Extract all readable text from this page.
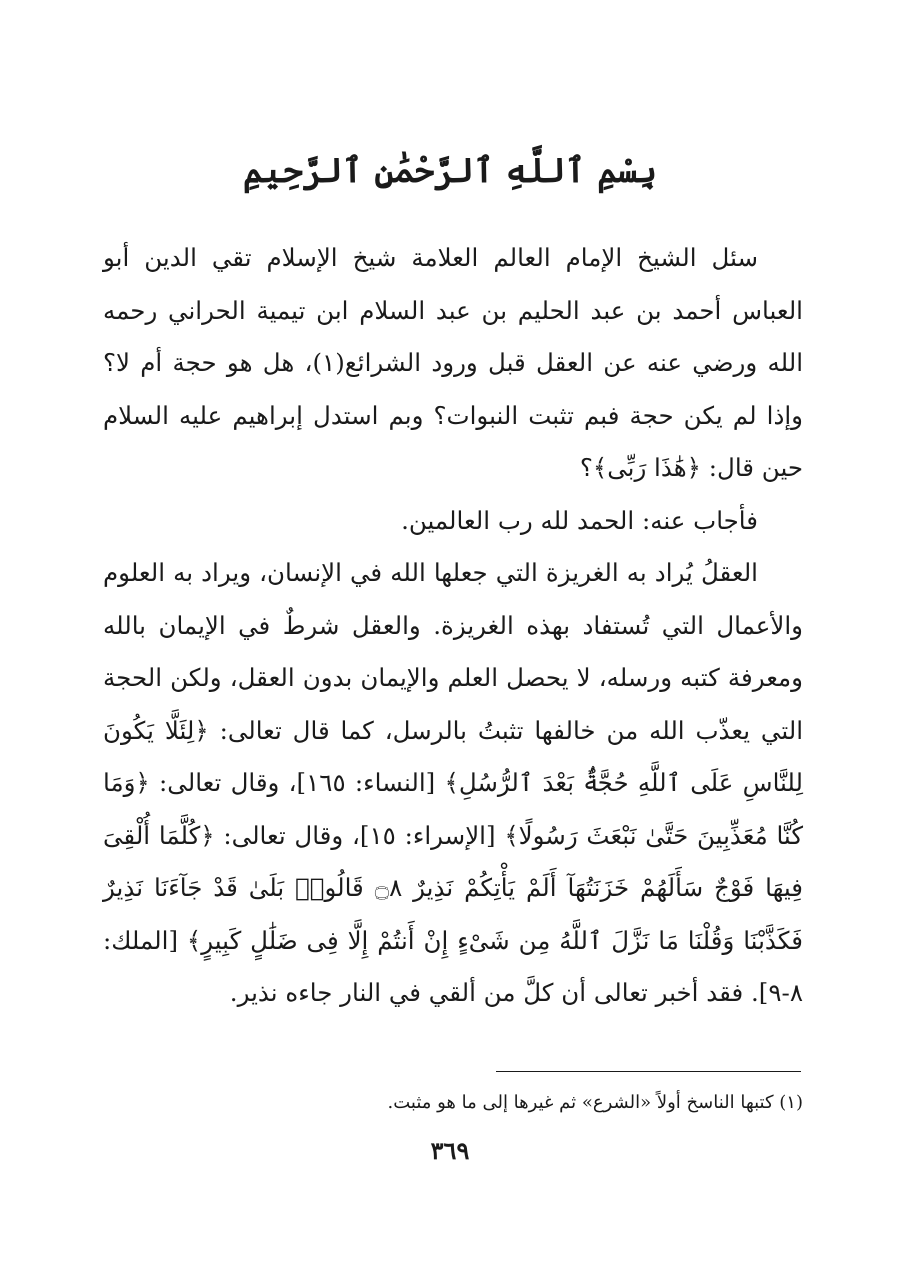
بِسْمِ ٱللَّهِ ٱلرَّحْمَٰنِ ٱلرَّحِيمِ

سئل الشيخ الإمام العالم العلامة شيخ الإسلام تقي الدين أبو العباس أحمد بن عبد الحليم بن عبد السلام ابن تيمية الحراني رحمه الله ورضي عنه عن العقل قبل ورود الشرائع(١)، هل هو حجة أم لا؟ وإذا لم يكن حجة فبم تثبت النبوات؟ وبم استدل إبراهيم عليه السلام حين قال: ﴿هَٰذَا رَبِّى﴾؟

فأجاب عنه: الحمد لله رب العالمين.

العقلُ يُراد به الغريزة التي جعلها الله في الإنسان، ويراد به العلوم والأعمال التي تُستفاد بهذه الغريزة. والعقل شرطٌ في الإيمان بالله ومعرفة كتبه ورسله، لا يحصل العلم والإيمان بدون العقل، ولكن الحجة التي يعذّب الله من خالفها تثبتُ بالرسل، كما قال تعالى: ﴿لِئَلَّا يَكُونَ لِلنَّاسِ عَلَى ٱللَّهِ حُجَّةٌۢ بَعْدَ ٱلرُّسُلِ﴾ [النساء: ١٦٥]، وقال تعالى: ﴿وَمَا كُنَّا مُعَذِّبِينَ حَتَّىٰ نَبْعَثَ رَسُولًا﴾ [الإسراء: ١٥]، وقال تعالى: ﴿كُلَّمَا أُلْقِىَ فِيهَا فَوْجٌ سَأَلَهُمْ خَزَنَتُهَآ أَلَمْ يَأْتِكُمْ نَذِيرٌ ۝٨ قَالُوا۟ بَلَىٰ قَدْ جَآءَنَا نَذِيرٌ فَكَذَّبْنَا وَقُلْنَا مَا نَزَّلَ ٱللَّهُ مِن شَىْءٍ إِنْ أَنتُمْ إِلَّا فِى ضَلَٰلٍ كَبِيرٍ﴾ [الملك: ٨-٩]. فقد أخبر تعالى أن كلَّ من ألقي في النار جاءه نذير.

(١) كتبها الناسخ أولاً «الشرع» ثم غيرها إلى ما هو مثبت.
٣٦٩
